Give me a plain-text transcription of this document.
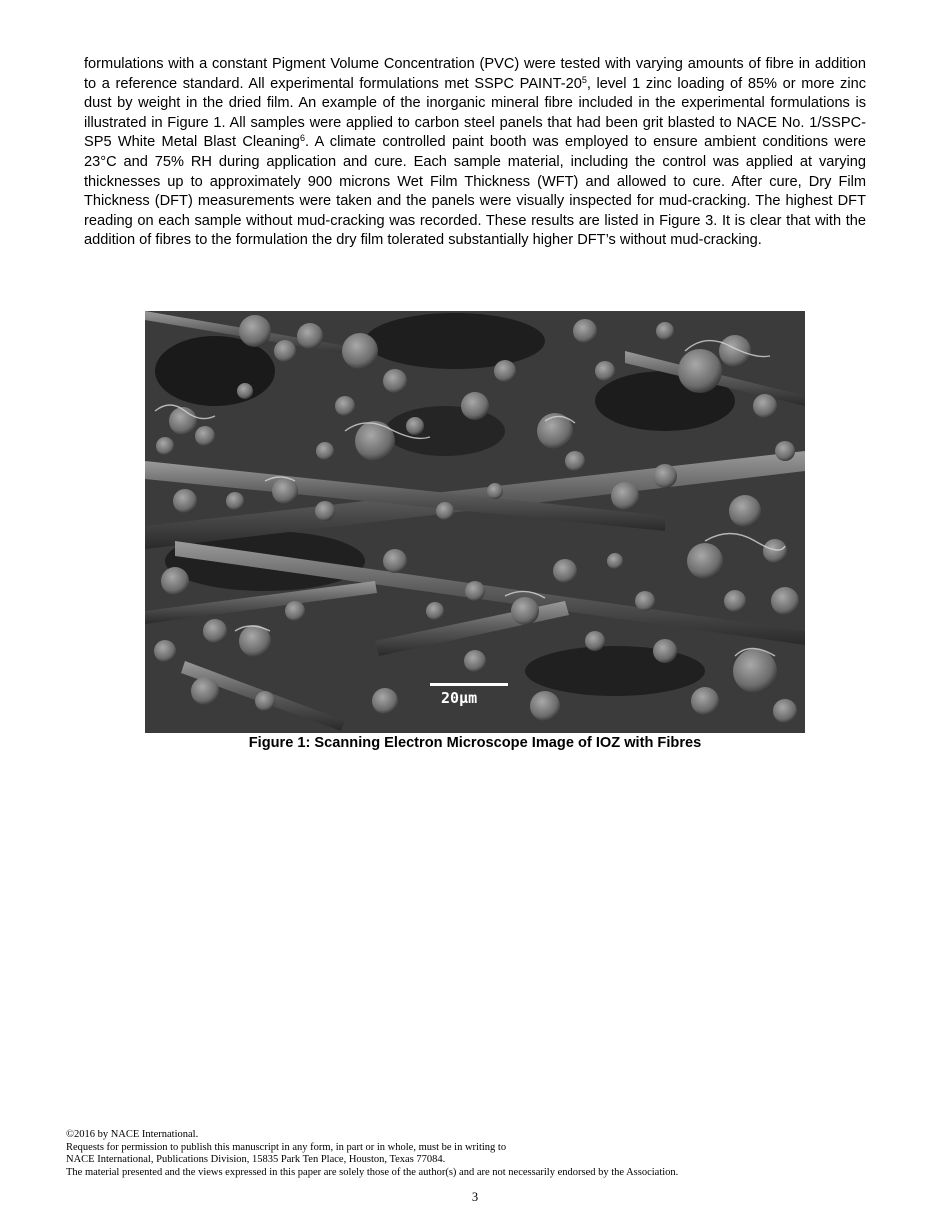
formulations with a constant Pigment Volume Concentration (PVC) were tested with varying amounts of fibre in addition to a reference standard. All experimental formulations met SSPC PAINT-$20^5$, level 1 zinc loading of 85% or more zinc dust by weight in the dried film. An example of the inorganic mineral fibre included in the experimental formulations is illustrated in Figure 1. All samples were applied to carbon steel panels that had been grit blasted to NACE No. 1/SSPC-SP5 White Metal Blast Cleaning$^6$. A climate controlled paint booth was employed to ensure ambient conditions were 23°C and 75% RH during application and cure. Each sample material, including the control was applied at varying thicknesses up to approximately 900 microns Wet Film Thickness (WFT) and allowed to cure. After cure, Dry Film Thickness (DFT) measurements were taken and the panels were visually inspected for mud-cracking. The highest DFT reading on each sample without mud-cracking was recorded. These results are listed in Figure 3. It is clear that with the addition of fibres to the formulation the dry film tolerated substantially higher DFT’s without mud-cracking.

20µm

Figure 1: Scanning Electron Microscope Image of IOZ with Fibres

©2016 by NACE International.
Requests for permission to publish this manuscript in any form, in part or in whole, must be in writing to
NACE International, Publications Division, 15835 Park Ten Place, Houston, Texas 77084.
The material presented and the views expressed in this paper are solely those of the author(s) and are not necessarily endorsed by the Association.
3
